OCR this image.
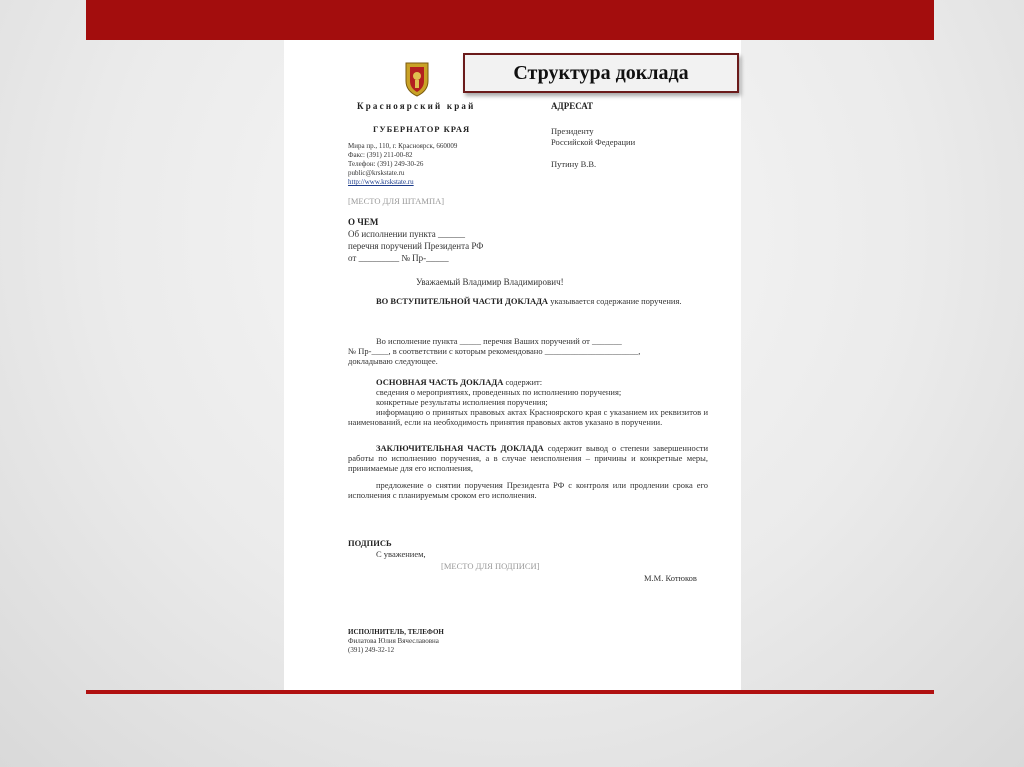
Красноярский край
ГУБЕРНАТОР КРАЯ
Мира пр., 110, г. Красноярск, 660009
Факс: (391) 211-00-82
Телефон: (391) 249-30-26
public@krskstate.ru
http://www.krskstate.ru
[МЕСТО ДЛЯ ШТАМПА]
АДРЕСАТ
Президенту
Российской Федерации
Путину В.В.
О ЧЕМ
Об исполнении пункта ______
перечня поручений Президента РФ
от _________ № Пр-_____
Уважаемый Владимир Владимирович!
ВО ВСТУПИТЕЛЬНОЙ ЧАСТИ ДОКЛАДА указывается содержание поручения.
Во исполнение пункта _____ перечня Ваших поручений от _______
№ Пр-____, в соответствии с которым рекомендовано ______________________,
докладываю следующее.
ОСНОВНАЯ ЧАСТЬ ДОКЛАДА содержит:
сведения о мероприятиях, проведенных по исполнению поручения;
конкретные результаты исполнения поручения;
информацию о принятых правовых актах Красноярского края с указанием их реквизитов и наименований, если на необходимость принятия правовых актов указано в поручении.
ЗАКЛЮЧИТЕЛЬНАЯ ЧАСТЬ ДОКЛАДА содержит вывод о степени завершенности работы по исполнению поручения, а в случае неисполнения – причины и конкретные меры, принимаемые для его исполнения,
предложение о снятии поручения Президента РФ с контроля или продлении срока его исполнения с планируемым сроком его исполнения.
ПОДПИСЬ
С уважением,
[МЕСТО ДЛЯ ПОДПИСИ]
М.М. Котюков
ИСПОЛНИТЕЛЬ, ТЕЛЕФОН
Филатова Юлия Вячеславовна
(391) 249-32-12
Структура доклада
